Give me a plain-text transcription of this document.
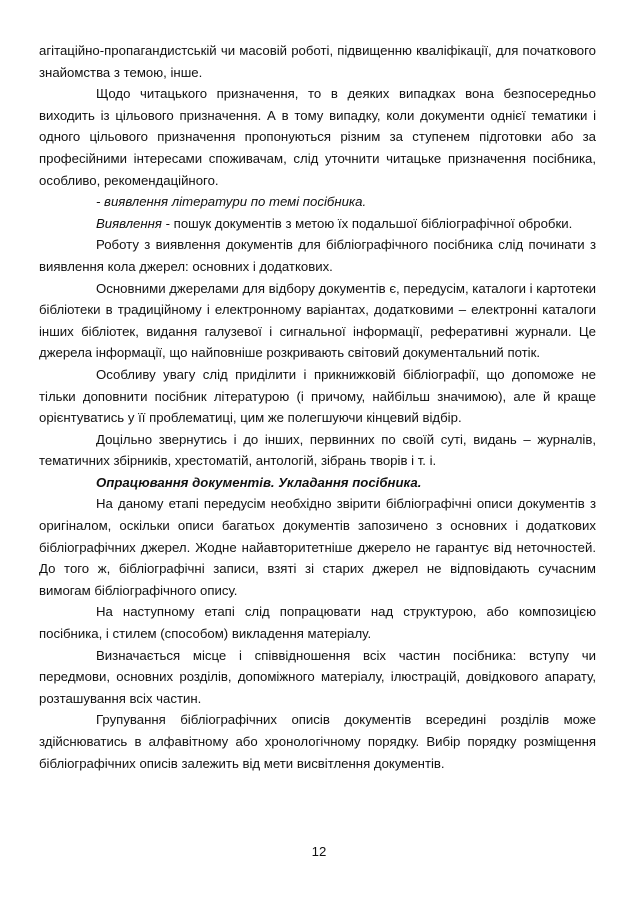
агітаційно-пропагандистській чи масовій роботі, підвищенню кваліфікації, для початкового знайомства з темою, інше.

Щодо читацького призначення, то в деяких випадках вона безпосередньо виходить із цільового призначення. А в тому випадку, коли документи однієї тематики і одного цільового призначення пропонуються різним за ступенем підготовки або за професійними інтересами споживачам, слід уточнити читацьке призначення посібника, особливо, рекомендаційного.

- виявлення літератури по темі посібника.

Виявлення - пошук документів з метою їх подальшої бібліографічної обробки.

Роботу з виявлення документів для бібліографічного посібника слід починати з виявлення кола джерел: основних і додаткових.

Основними джерелами для відбору документів є, передусім, каталоги і картотеки бібліотеки в традиційному і електронному варіантах, додатковими – електронні каталоги інших бібліотек, видання галузевої і сигнальної інформації, реферативні журнали. Це джерела інформації, що найповніше розкривають світовий документальний потік.

Особливу увагу слід приділити і прикнижковій бібліографії, що допоможе не тільки доповнити посібник літературою (і причому, найбільш значимою), але й краще орієнтуватись у її проблематиці, цим же полегшуючи кінцевий відбір.

Доцільно звернутись і до інших, первинних по своїй суті, видань – журналів, тематичних збірників, хрестоматій, антологій, зібрань творів і т. і.

Опрацювання документів. Укладання посібника.

На даному етапі передусім необхідно звірити бібліографічні описи документів з оригіналом, оскільки описи багатьох документів запозичено з основних і додаткових бібліографічних джерел. Жодне найавторитетніше джерело не гарантує від неточностей. До того ж, бібліографічні записи, взяті зі старих джерел не відповідають сучасним вимогам бібліографічного опису.

На наступному етапі слід попрацювати над структурою, або композицією посібника, і стилем (способом) викладення матеріалу.

Визначається місце і співвідношення всіх частин посібника: вступу чи передмови, основних розділів, допоміжного матеріалу, ілюстрацій, довідкового апарату, розташування всіх частин.

Групування бібліографічних описів документів всередині розділів може здійснюватись в алфавітному або хронологічному порядку. Вибір порядку розміщення бібліографічних описів залежить від мети висвітлення документів.

12
